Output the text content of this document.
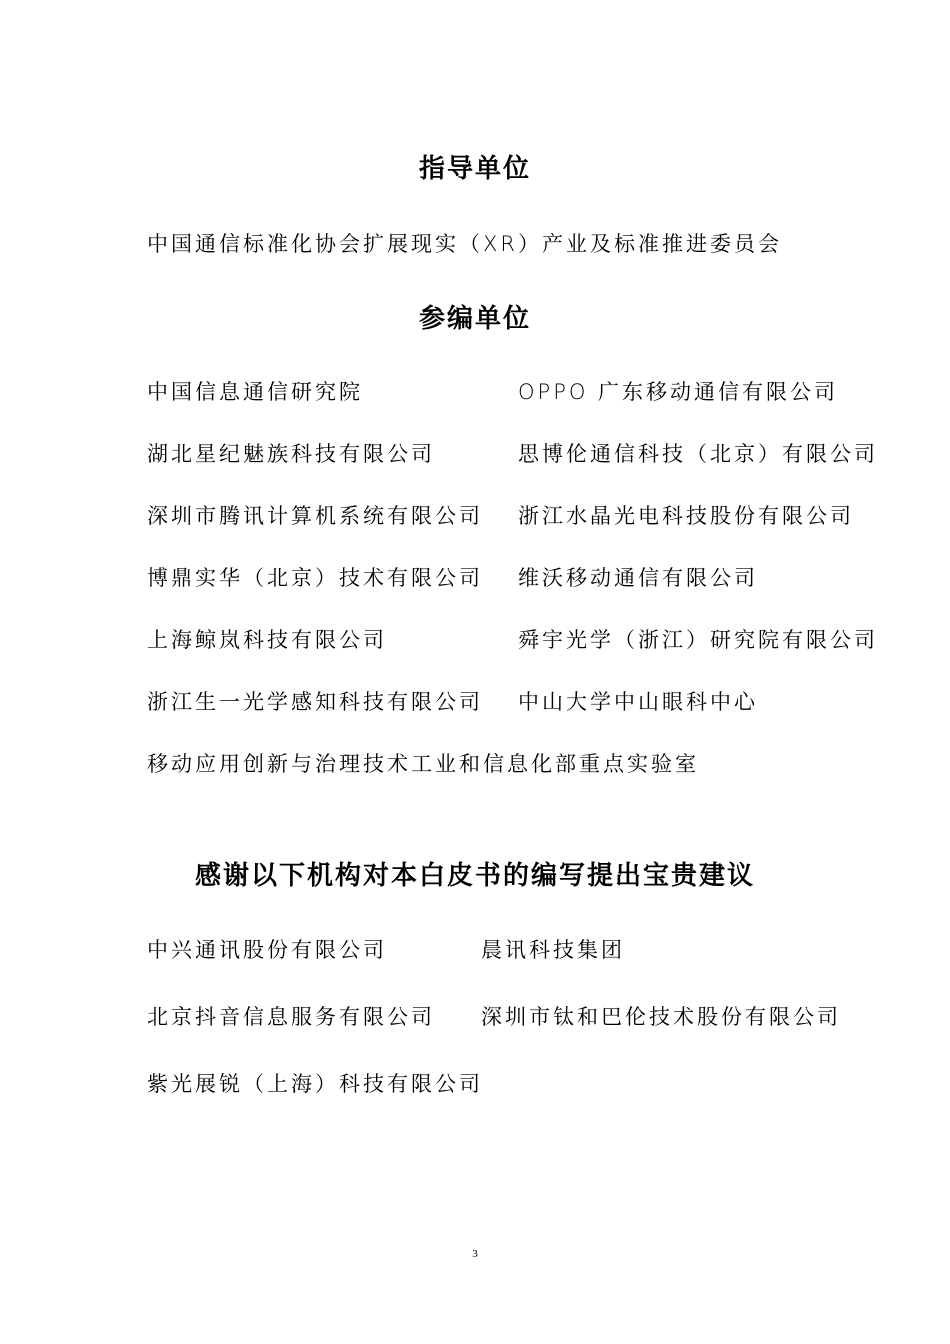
指导单位
中国通信标准化协会扩展现实（XR）产业及标准推进委员会
参编单位
中国信息通信研究院	OPPO 广东移动通信有限公司
湖北星纪魅族科技有限公司	思博伦通信科技（北京）有限公司
深圳市腾讯计算机系统有限公司 浙江水晶光电科技股份有限公司
博鼎实华（北京）技术有限公司 维沃移动通信有限公司
上海鲸岚科技有限公司	舜宇光学（浙江）研究院有限公司
浙江生一光学感知科技有限公司 中山大学中山眼科中心
移动应用创新与治理技术工业和信息化部重点实验室
感谢以下机构对本白皮书的编写提出宝贵建议
中兴通讯股份有限公司	晨讯科技集团
北京抖音信息服务有限公司 深圳市钛和巴伦技术股份有限公司
紫光展锐（上海）科技有限公司
3
